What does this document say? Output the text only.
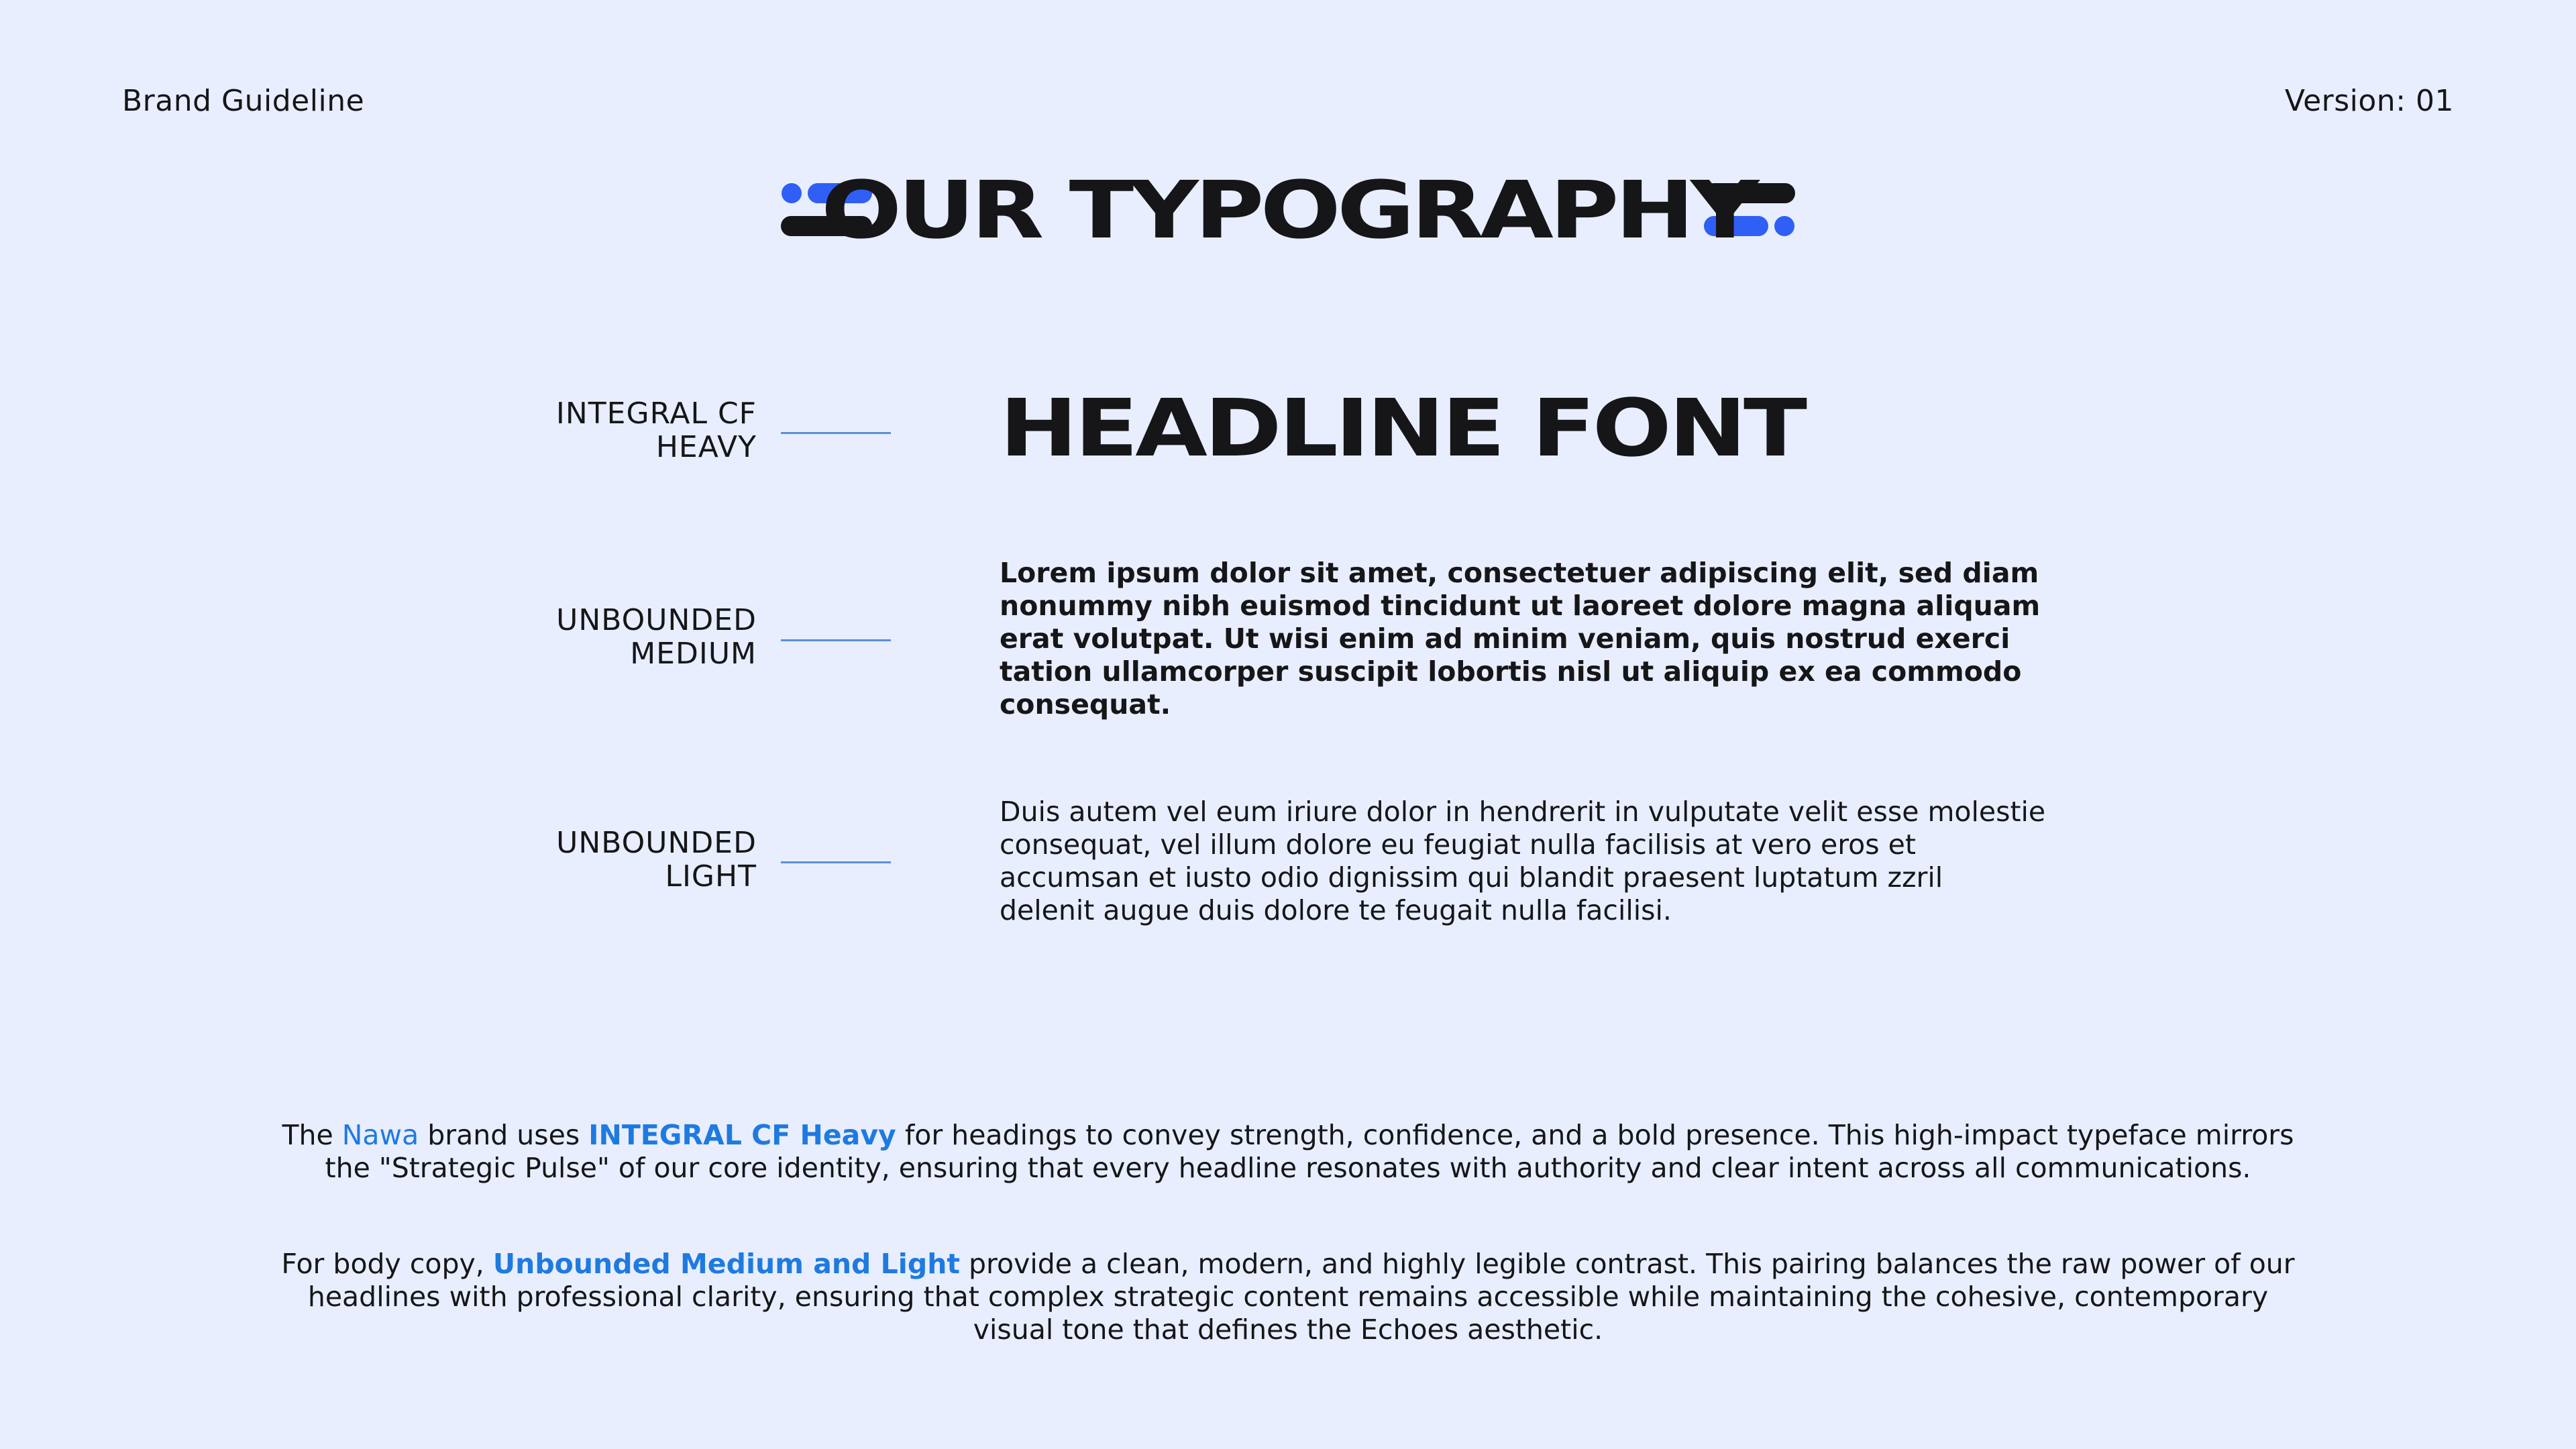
Brand Guideline	Version: 01
OUR TYPOGRAPHY
INTEGRAL CF
HEAVY	HEADLINE FONT
UNBOUNDED
MEDIUM
Lorem ipsum dolor sit amet, consectetuer adipiscing elit, sed diam nonummy nibh euismod tincidunt ut laoreet dolore magna aliquam erat volutpat. Ut wisi enim ad minim veniam, quis nostrud exerci tation ullamcorper suscipit lobortis nisl ut aliquip ex ea commodo consequat.
UNBOUNDED
LIGHT
Duis autem vel eum iriure dolor in hendrerit in vulputate velit esse molestie consequat, vel illum dolore eu feugiat nulla facilisis at vero eros et accumsan et iusto odio dignissim qui blandit praesent luptatum zzril delenit augue duis dolore te feugait nulla facilisi.
The Nawa brand uses INTEGRAL CF Heavy for headings to convey strength, confidence, and a bold presence. This high-impact typeface mirrors the "Strategic Pulse" of our core identity, ensuring that every headline resonates with authority and clear intent across all communications.
For body copy, Unbounded Medium and Light provide a clean, modern, and highly legible contrast. This pairing balances the raw power of our headlines with professional clarity, ensuring that complex strategic content remains accessible while maintaining the cohesive, contemporary visual tone that defines the Echoes aesthetic.
